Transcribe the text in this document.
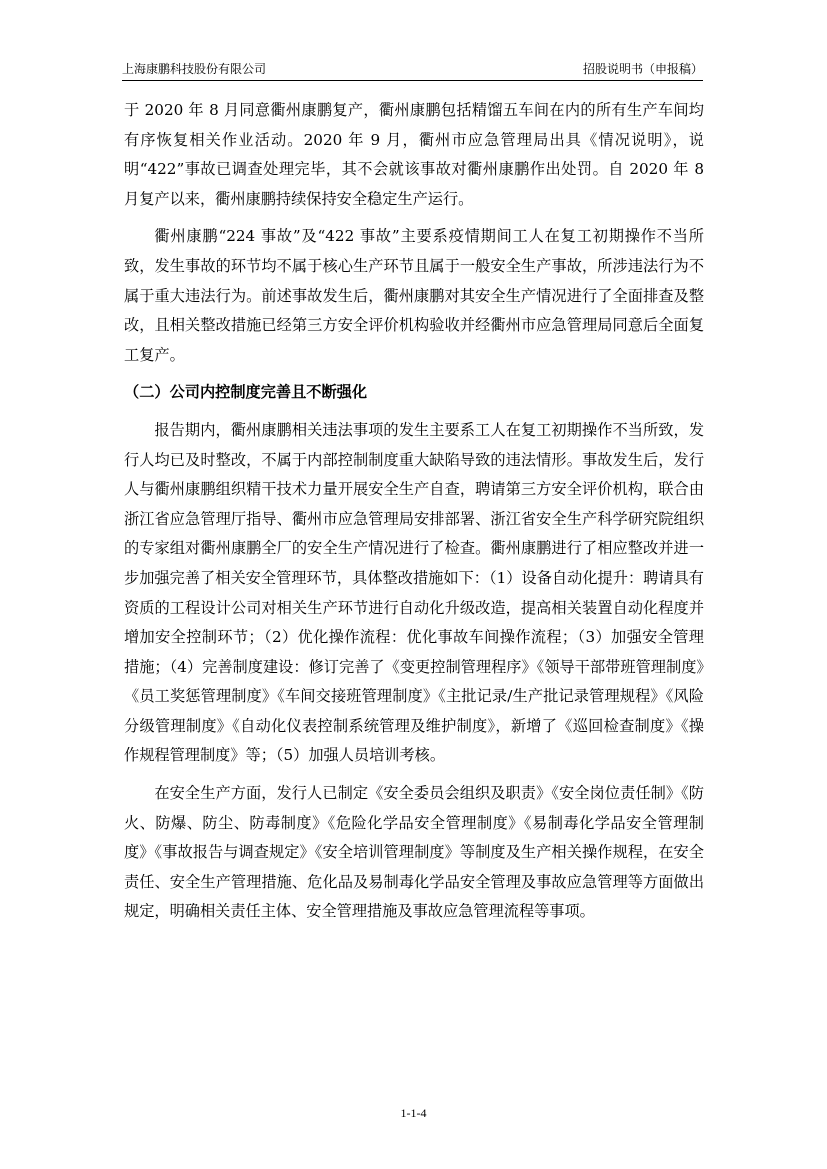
上海康鹏科技股份有限公司	招股说明书（申报稿）

于 2020 年 8 月同意衢州康鹏复产，衢州康鹏包括精馏五车间在内的所有生产车间均有序恢复相关作业活动。2020 年 9 月，衢州市应急管理局出具《情况说明》，说明“422”事故已调查处理完毕，其不会就该事故对衢州康鹏作出处罚。自 2020 年 8 月复产以来，衢州康鹏持续保持安全稳定生产运行。

衢州康鹏“224 事故”及“422 事故”主要系疫情期间工人在复工初期操作不当所致，发生事故的环节均不属于核心生产环节且属于一般安全生产事故，所涉违法行为不属于重大违法行为。前述事故发生后，衢州康鹏对其安全生产情况进行了全面排查及整改，且相关整改措施已经第三方安全评价机构验收并经衢州市应急管理局同意后全面复工复产。

（二）公司内控制度完善且不断强化

报告期内，衢州康鹏相关违法事项的发生主要系工人在复工初期操作不当所致，发行人均已及时整改，不属于内部控制制度重大缺陷导致的违法情形。事故发生后，发行人与衢州康鹏组织精干技术力量开展安全生产自查，聘请第三方安全评价机构，联合由浙江省应急管理厅指导、衢州市应急管理局安排部署、浙江省安全生产科学研究院组织的专家组对衢州康鹏全厂的安全生产情况进行了检查。衢州康鹏进行了相应整改并进一步加强完善了相关安全管理环节，具体整改措施如下：（1）设备自动化提升：聘请具有资质的工程设计公司对相关生产环节进行自动化升级改造，提高相关装置自动化程度并增加安全控制环节；（2）优化操作流程：优化事故车间操作流程；（3）加强安全管理措施；（4）完善制度建设：修订完善了《变更控制管理程序》《领导干部带班管理制度》《员工奖惩管理制度》《车间交接班管理制度》《主批记录/生产批记录管理规程》《风险分级管理制度》《自动化仪表控制系统管理及维护制度》，新增了《巡回检查制度》《操作规程管理制度》等；（5）加强人员培训考核。

在安全生产方面，发行人已制定《安全委员会组织及职责》《安全岗位责任制》《防火、防爆、防尘、防毒制度》《危险化学品安全管理制度》《易制毒化学品安全管理制度》《事故报告与调查规定》《安全培训管理制度》等制度及生产相关操作规程，在安全责任、安全生产管理措施、危化品及易制毒化学品安全管理及事故应急管理等方面做出规定，明确相关责任主体、安全管理措施及事故应急管理流程等事项。

1-1-4
